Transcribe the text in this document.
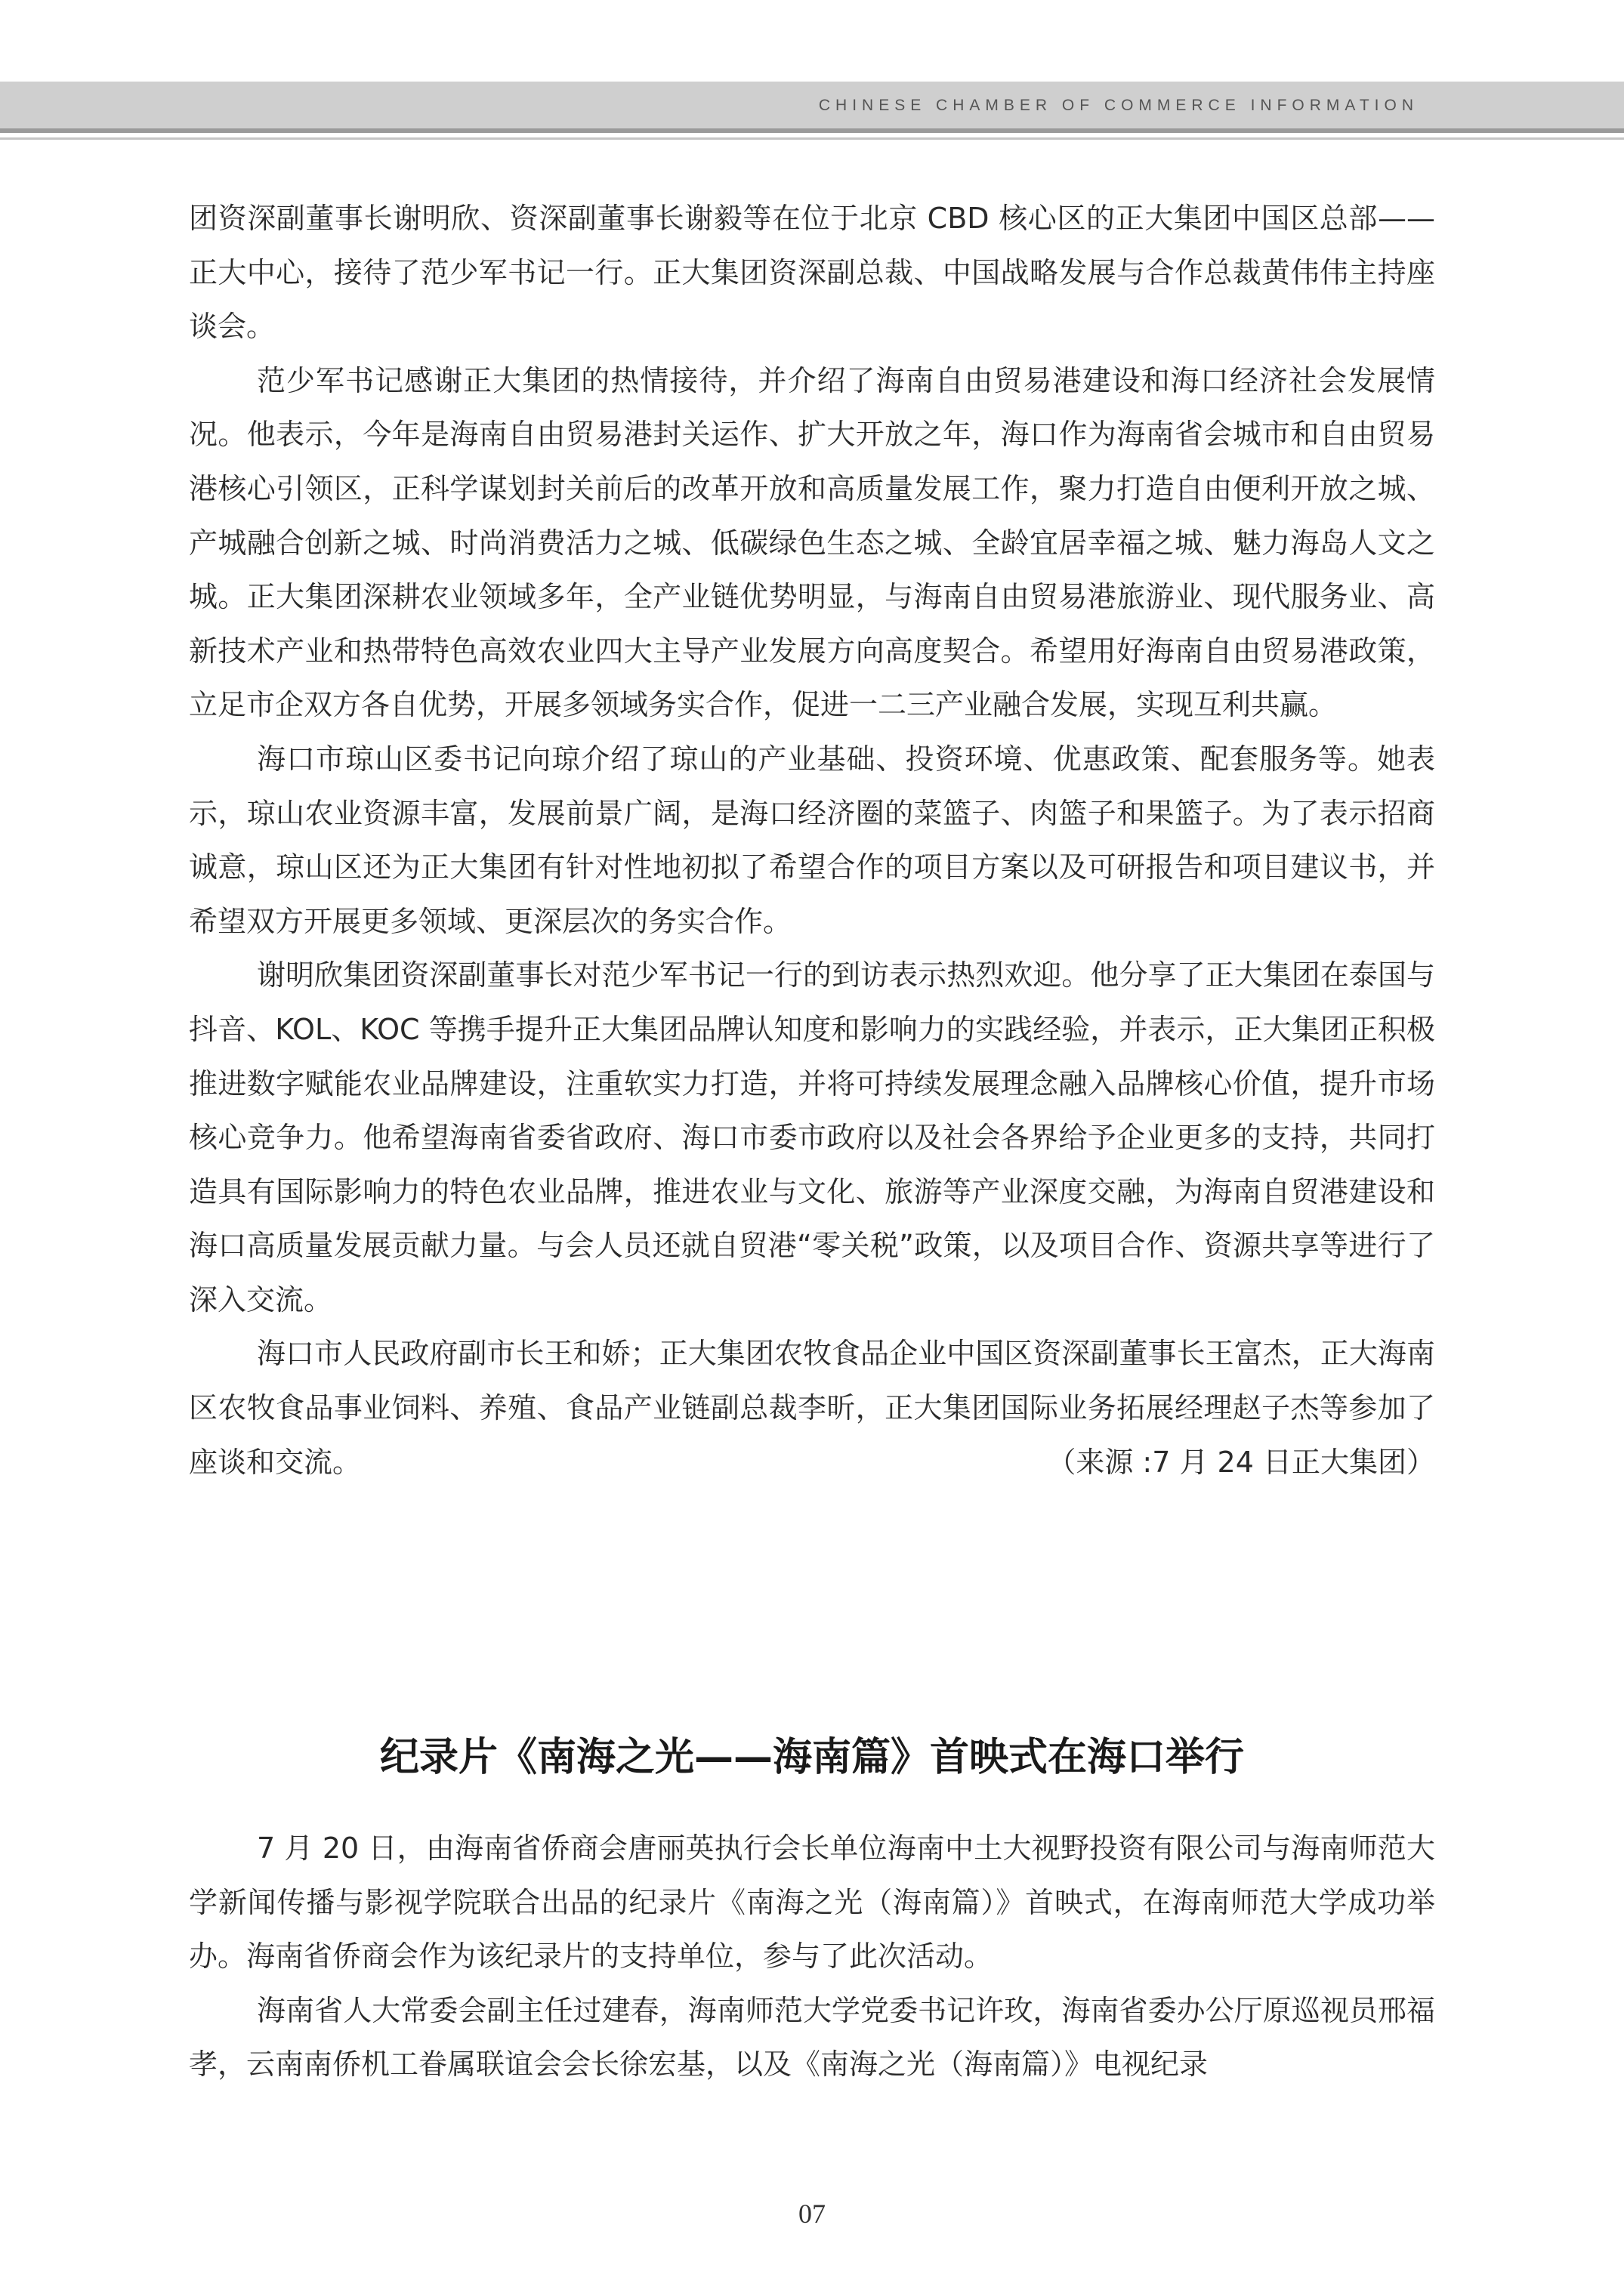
CHINESE CHAMBER OF COMMERCE INFORMATION

团资深副董事长谢明欣、资深副董事长谢毅等在位于北京 CBD 核心区的正大集团中国区总部——正大中心，接待了范少军书记一行。正大集团资深副总裁、中国战略发展与合作总裁黄伟伟主持座谈会。

范少军书记感谢正大集团的热情接待，并介绍了海南自由贸易港建设和海口经济社会发展情况。他表示，今年是海南自由贸易港封关运作、扩大开放之年，海口作为海南省会城市和自由贸易港核心引领区，正科学谋划封关前后的改革开放和高质量发展工作，聚力打造自由便利开放之城、产城融合创新之城、时尚消费活力之城、低碳绿色生态之城、全龄宜居幸福之城、魅力海岛人文之城。正大集团深耕农业领域多年，全产业链优势明显，与海南自由贸易港旅游业、现代服务业、高新技术产业和热带特色高效农业四大主导产业发展方向高度契合。希望用好海南自由贸易港政策，立足市企双方各自优势，开展多领域务实合作，促进一二三产业融合发展，实现互利共赢。

海口市琼山区委书记向琼介绍了琼山的产业基础、投资环境、优惠政策、配套服务等。她表示，琼山农业资源丰富，发展前景广阔，是海口经济圈的菜篮子、肉篮子和果篮子。为了表示招商诚意，琼山区还为正大集团有针对性地初拟了希望合作的项目方案以及可研报告和项目建议书，并希望双方开展更多领域、更深层次的务实合作。

谢明欣集团资深副董事长对范少军书记一行的到访表示热烈欢迎。他分享了正大集团在泰国与抖音、KOL、KOC 等携手提升正大集团品牌认知度和影响力的实践经验，并表示，正大集团正积极推进数字赋能农业品牌建设，注重软实力打造，并将可持续发展理念融入品牌核心价值，提升市场核心竞争力。他希望海南省委省政府、海口市委市政府以及社会各界给予企业更多的支持，共同打造具有国际影响力的特色农业品牌，推进农业与文化、旅游等产业深度交融，为海南自贸港建设和海口高质量发展贡献力量。与会人员还就自贸港“零关税”政策，以及项目合作、资源共享等进行了深入交流。

海口市人民政府副市长王和娇；正大集团农牧食品企业中国区资深副董事长王富杰，正大海南区农牧食品事业饲料、养殖、食品产业链副总裁李昕，正大集团国际业务拓展经理赵子杰等参加了座谈和交流。	（来源 :7 月 24 日正大集团）

纪录片《南海之光——海南篇》首映式在海口举行

7 月 20 日，由海南省侨商会唐丽英执行会长单位海南中土大视野投资有限公司与海南师范大学新闻传播与影视学院联合出品的纪录片《南海之光（海南篇）》首映式，在海南师范大学成功举办。海南省侨商会作为该纪录片的支持单位，参与了此次活动。

海南省人大常委会副主任过建春，海南师范大学党委书记许玫，海南省委办公厅原巡视员邢福孝，云南南侨机工眷属联谊会会长徐宏基，以及《南海之光（海南篇）》电视纪录

07
